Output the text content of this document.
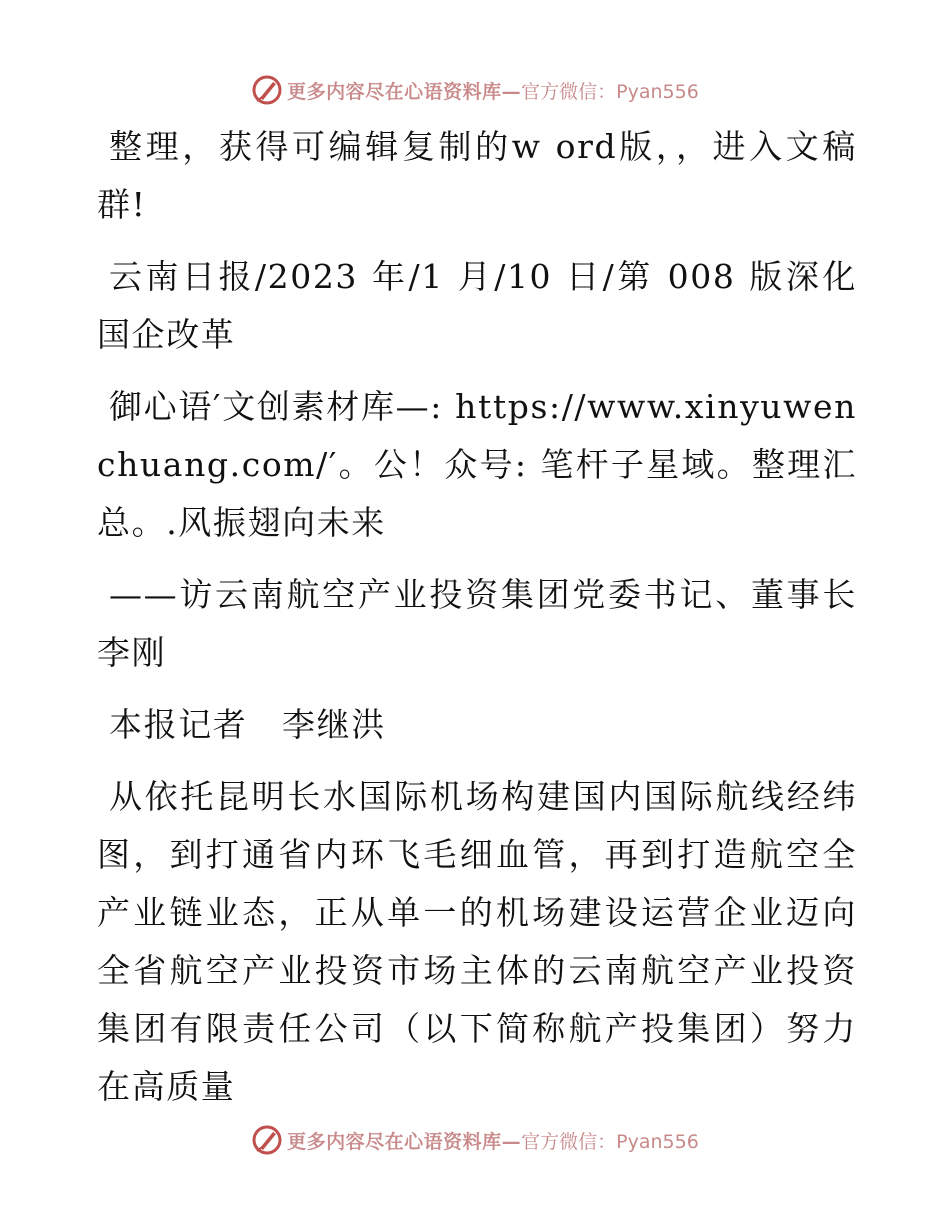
更多内容尽在心语资料库— 官方微信：Pyan556

整理，获得可编辑复制的w ord版，，进入文稿群!

云南日报/2023 年/1 月/10 日/第 008 版深化国企改革

御心语′文创素材库—: https://www.xinyuwenchuang.com/′。公！众号: 笔杆子星域。整理汇总。.风振翅向未来

——访云南航空产业投资集团党委书记、董事长李刚

本报记者　李继洪

从依托昆明长水国际机场构建国内国际航线经纬图，到打通省内环飞毛细血管，再到打造航空全产业链业态，正从单一的机场建设运营企业迈向全省航空产业投资市场主体的云南航空产业投资集团有限责任公司（以下简称航产投集团）努力在高质量

更多内容尽在心语资料库— 官方微信：Pyan556
